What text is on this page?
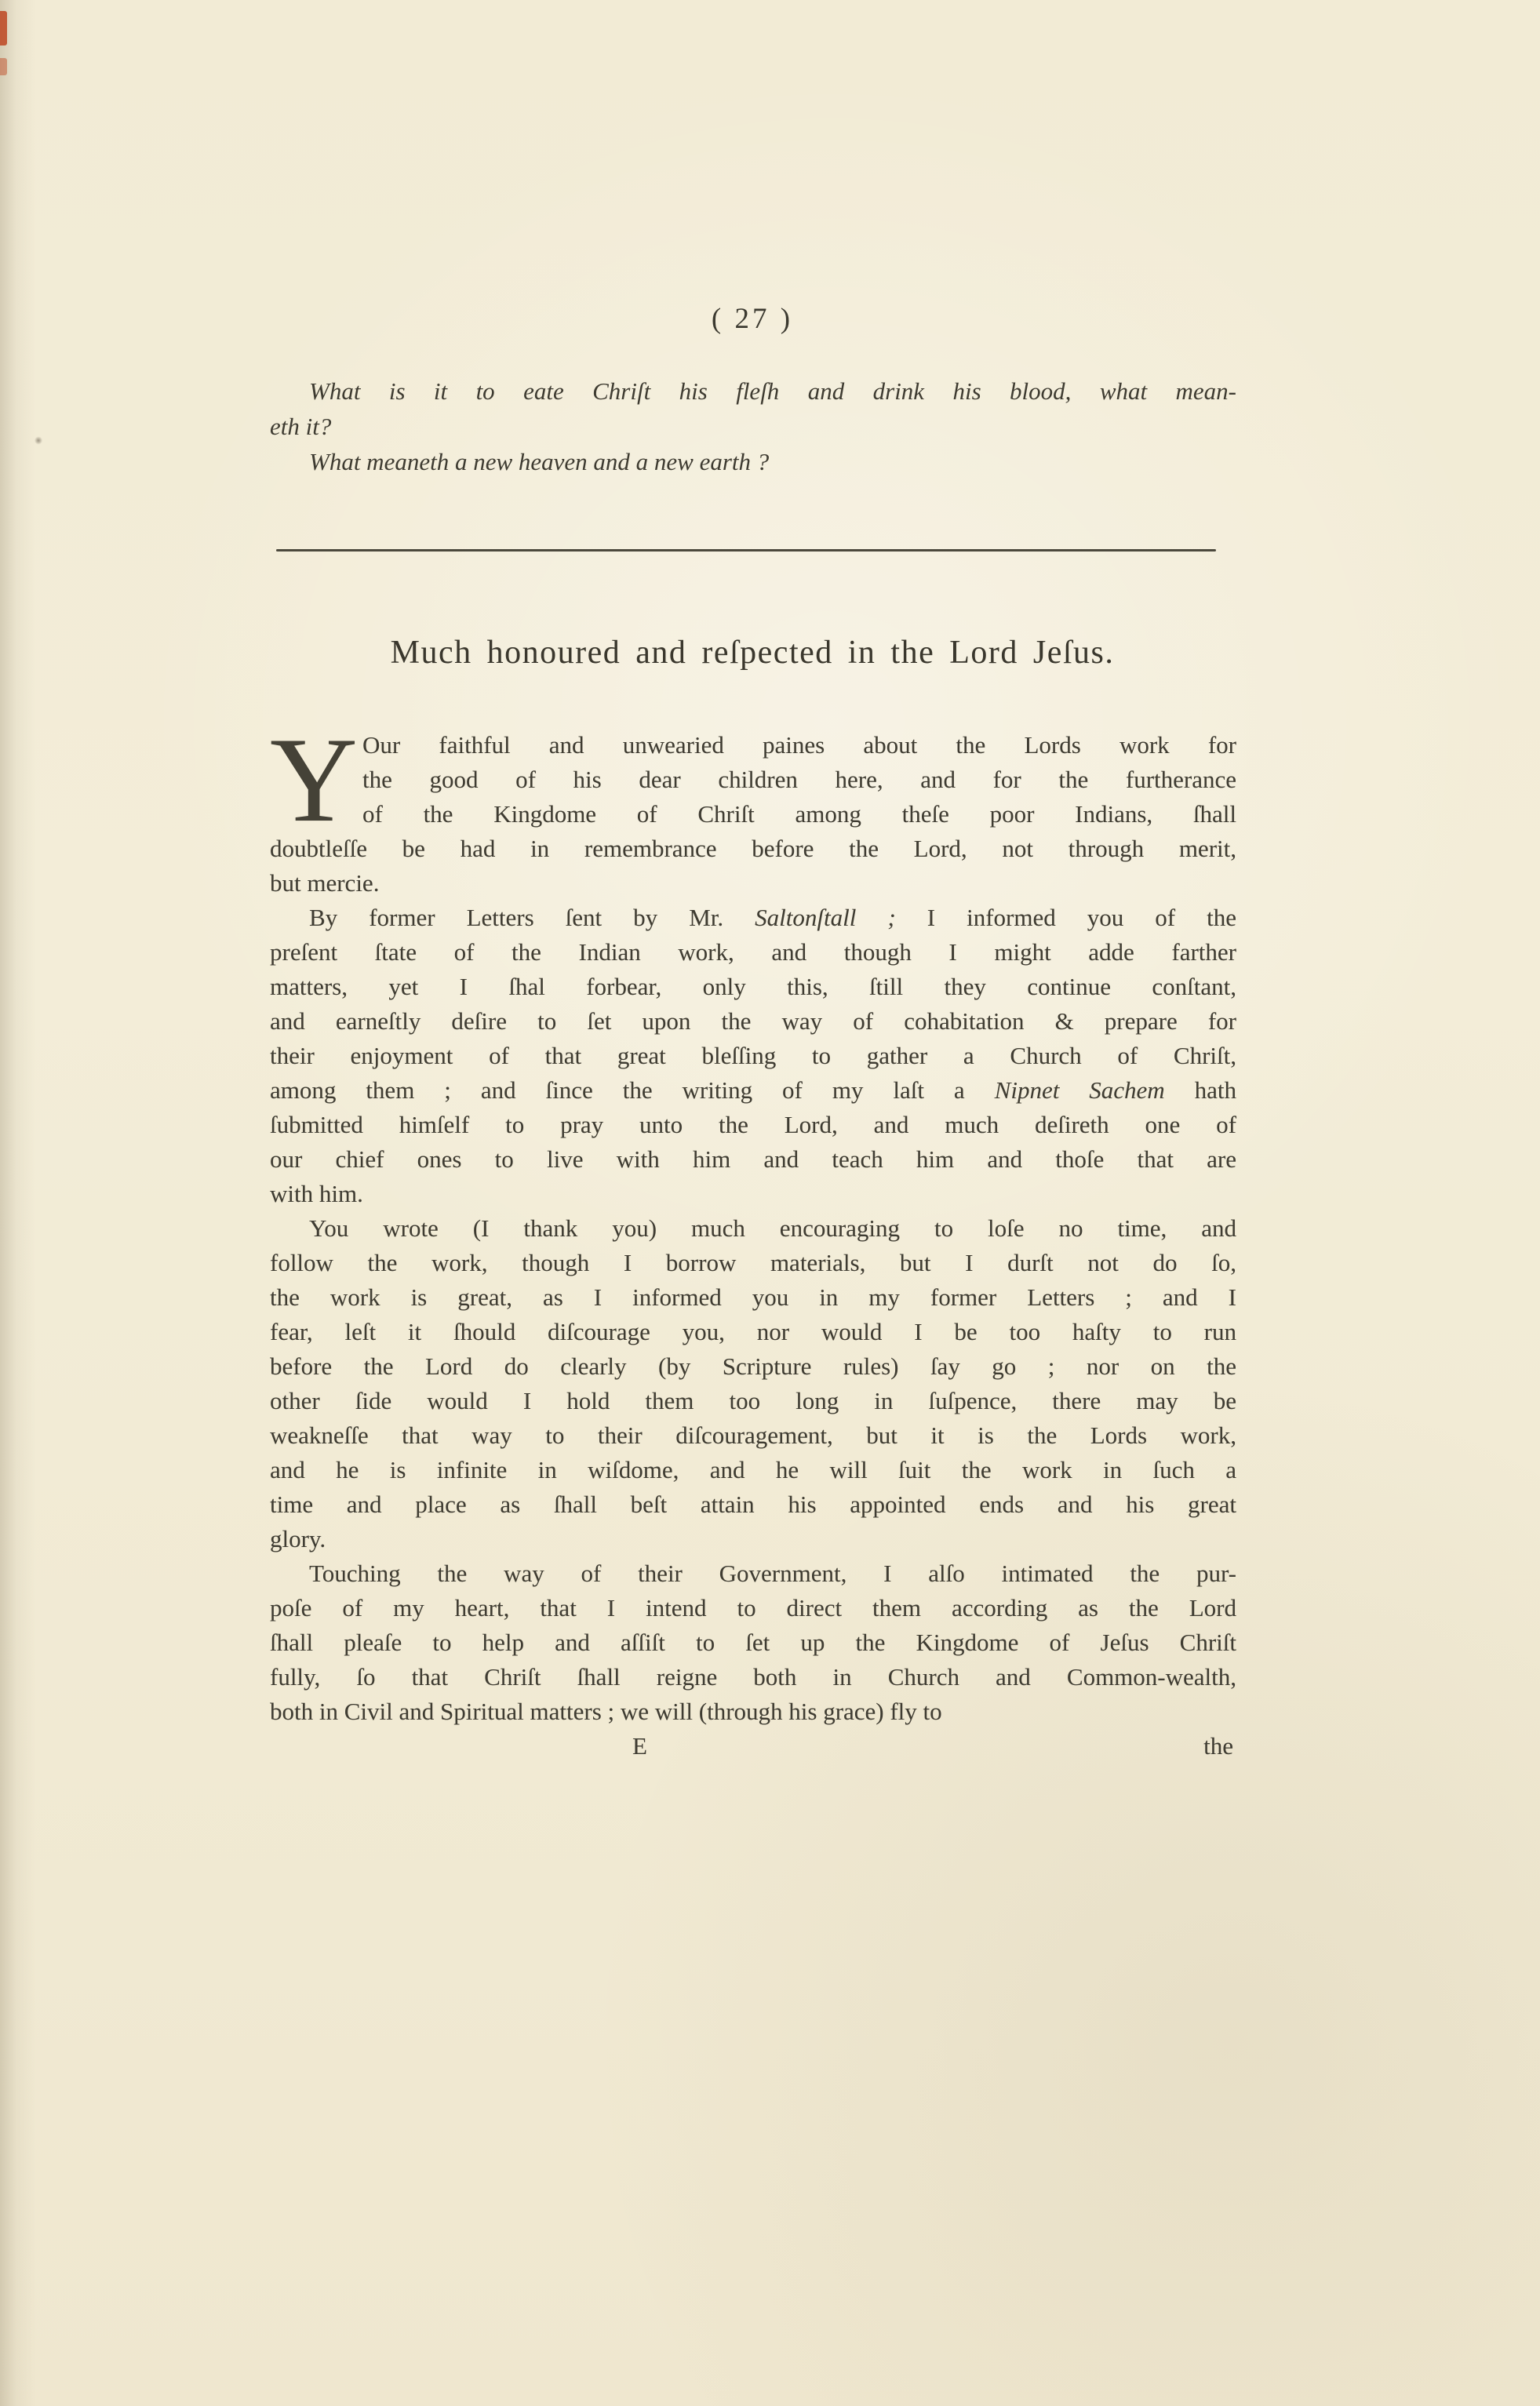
( 27 )
What is it to eate Chriſt his fleſh and drink his blood, what mean-
eth it?
What meaneth a new heaven and a new earth ?
Much honoured and reſpected in the Lord Jeſus.
Y Our faithful and unwearied paines about the Lords work for
the good of his dear children here, and for the furtherance
of the Kingdome of Chriſt among theſe poor Indians, ſhall
doubtleſſe be had in remembrance before the Lord, not through merit,
but mercie.
By former Letters ſent by Mr. Saltonſtall ; I informed you of the
preſent ſtate of the Indian work, and though I might adde farther
matters, yet I ſhal forbear, only this, ſtill they continue conſtant,
and earneſtly deſire to ſet upon the way of cohabitation & prepare for
their enjoyment of that great bleſſing to gather a Church of Chriſt,
among them ; and ſince the writing of my laſt a Nipnet Sachem hath
ſubmitted himſelf to pray unto the Lord, and much deſireth one of
our chief ones to live with him and teach him and thoſe that are
with him.
You wrote (I thank you) much encouraging to loſe no time, and
follow the work, though I borrow materials, but I durſt not do ſo,
the work is great, as I informed you in my former Letters ; and I
fear, leſt it ſhould diſcourage you, nor would I be too haſty to run
before the Lord do clearly (by Scripture rules) ſay go ; nor on the
other ſide would I hold them too long in ſuſpence, there may be
weakneſſe that way to their diſcouragement, but it is the Lords work,
and he is infinite in wiſdome, and he will ſuit the work in ſuch a
time and place as ſhall beſt attain his appointed ends and his great
glory.
Touching the way of their Government, I alſo intimated the pur-
poſe of my heart, that I intend to direct them according as the Lord
ſhall pleaſe to help and aſſiſt to ſet up the Kingdome of Jeſus Chriſt
fully, ſo that Chriſt ſhall reigne both in Church and Common-wealth,
both in Civil and Spiritual matters ; we will (through his grace) fly to
E	the
